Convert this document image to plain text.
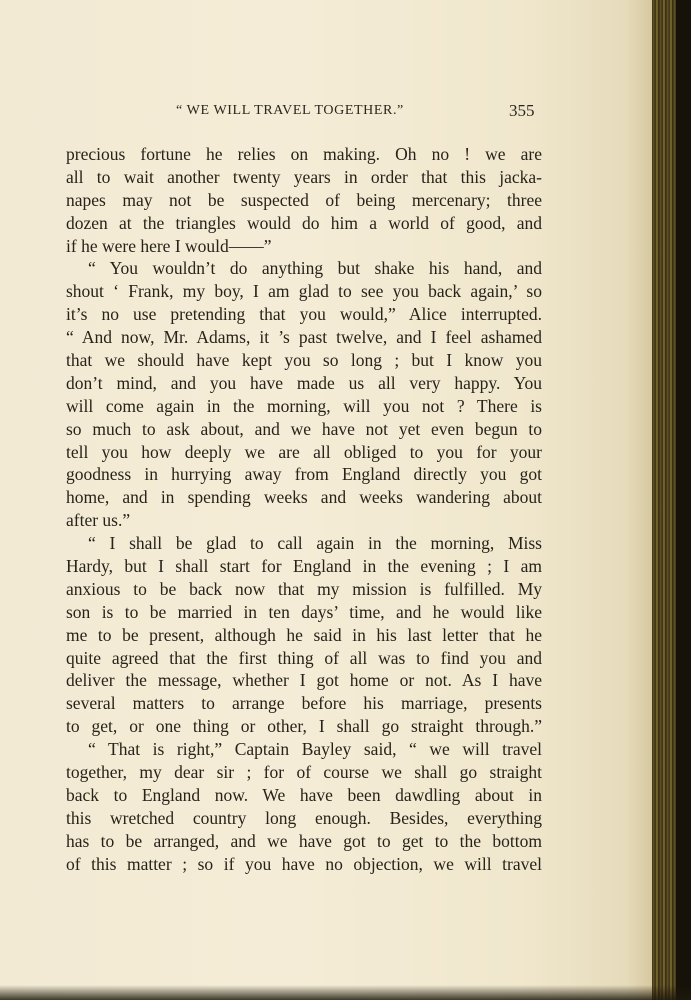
“ WE WILL TRAVEL TOGETHER.”	355
precious fortune he relies on making. Oh no ! we are
all to wait another twenty years in order that this jacka-
napes may not be suspected of being mercenary; three
dozen at the triangles would do him a world of good, and
if he were here I would——”
“ You wouldn’t do anything but shake his hand, and
shout ‘ Frank, my boy, I am glad to see you back again,’ so
it’s no use pretending that you would,” Alice interrupted.
“ And now, Mr. Adams, it ’s past twelve, and I feel ashamed
that we should have kept you so long ; but I know you
don’t mind, and you have made us all very happy. You
will come again in the morning, will you not ? There is
so much to ask about, and we have not yet even begun to
tell you how deeply we are all obliged to you for your
goodness in hurrying away from England directly you got
home, and in spending weeks and weeks wandering about
after us.”
“ I shall be glad to call again in the morning, Miss
Hardy, but I shall start for England in the evening ; I am
anxious to be back now that my mission is fulfilled. My
son is to be married in ten days’ time, and he would like
me to be present, although he said in his last letter that he
quite agreed that the first thing of all was to find you and
deliver the message, whether I got home or not. As I have
several matters to arrange before his marriage, presents
to get, or one thing or other, I shall go straight through.”
“ That is right,” Captain Bayley said, “ we will travel
together, my dear sir ; for of course we shall go straight
back to England now. We have been dawdling about in
this wretched country long enough. Besides, everything
has to be arranged, and we have got to get to the bottom
of this matter ; so if you have no objection, we will travel
